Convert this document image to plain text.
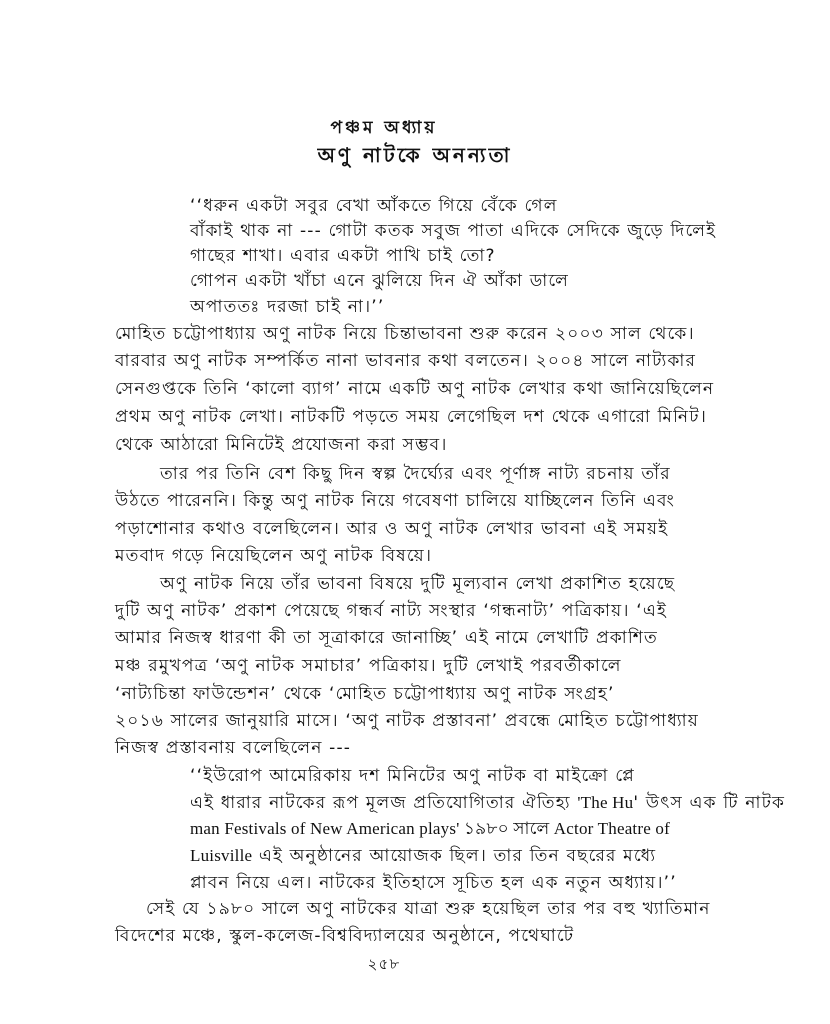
পঞ্চম অধ্যায়
অণু নাটকে অনন্যতা
‘‘ধরুন একটা সবুর বেখা আঁকতে গিয়ে বেঁকে গেল
বাঁকাই থাক না --- গোটা কতক সবুজ পাতা এদিকে সেদিকে জুড়ে দিলেই
গাছের শাখা। এবার একটা পাখি চাই তো?
গোপন একটা খাঁচা এনে ঝুলিয়ে দিন ঐ আঁকা ডালে
অপাততঃ দরজা চাই না।’’
মোহিত চট্টোপাধ্যায় অণু নাটক নিয়ে চিন্তাভাবনা শুরু করেন ২০০৩ সাল থেকে।
বারবার অণু নাটক সম্পর্কিত নানা ভাবনার কথা বলতেন। ২০০৪ সালে নাট্যকার
সেনগুপ্তকে তিনি ‘কালো ব্যাগ’ নামে একটি অণু নাটক লেখার কথা জানিয়েছিলেন
প্রথম অণু নাটক লেখা। নাটকটি পড়তে সময় লেগেছিল দশ থেকে এগারো মিনিট।
থেকে আঠারো মিনিটেই প্রযোজনা করা সম্ভব।
তার পর তিনি বেশ কিছু দিন স্বল্প দৈর্ঘ্যের এবং পূর্ণাঙ্গ নাট্য রচনায় তাঁর
উঠতে পারেননি। কিন্তু অণু নাটক নিয়ে গবেষণা চালিয়ে যাচ্ছিলেন তিনি এবং
পড়াশোনার কথাও বলেছিলেন। আর ও অণু নাটক লেখার ভাবনা এই সময়ই
মতবাদ গড়ে নিয়েছিলেন অণু নাটক বিষয়ে।
অণু নাটক নিয়ে তাঁর ভাবনা বিষয়ে দুটি মূল্যবান লেখা প্রকাশিত হয়েছে
দুটি অণু নাটক’ প্রকাশ পেয়েছে গন্ধর্ব নাট্য সংস্থার ‘গন্ধনাট্য’ পত্রিকায়। ‘এই
আমার নিজস্ব ধারণা কী তা সূত্রাকারে জানাচ্ছি’ এই নামে লেখাটি প্রকাশিত
মঞ্চ রমুখপত্র ‘অণু নাটক সমাচার’ পত্রিকায়। দুটি লেখাই পরবর্তীকালে
‘নাট্যচিন্তা ফাউন্ডেশন’ থেকে ‘মোহিত চট্টোপাধ্যায় অণু নাটক সংগ্রহ’
২০১৬ সালের জানুয়ারি মাসে। ‘অণু নাটক প্রস্তাবনা’ প্রবন্ধে মোহিত চট্টোপাধ্যায়
নিজস্ব প্রস্তাবনায় বলেছিলেন ---
‘‘ইউরোপ আমেরিকায় দশ মিনিটের অণু নাটক বা মাইক্রো প্লে
এই ধারার নাটকের রূপ মূলজ প্রতিযোগিতার ঐতিহ্য 'The Hu' উৎস এক টি নাটক
man Festivals of New American plays' ১৯৮০ সালে Actor Theatre of
Luisville এই অনুষ্ঠানের আয়োজক ছিল। তার তিন বছরের মধ্যে
প্লাবন নিয়ে এল। নাটকের ইতিহাসে সূচিত হল এক নতুন অধ্যায়।’’
সেই যে ১৯৮০ সালে অণু নাটকের যাত্রা শুরু হয়েছিল তার পর বহু খ্যাতিমান
বিদেশের মঞ্চে, স্কুল-কলেজ-বিশ্ববিদ্যালয়ের অনুষ্ঠানে, পথেঘাটে
২৫৮
